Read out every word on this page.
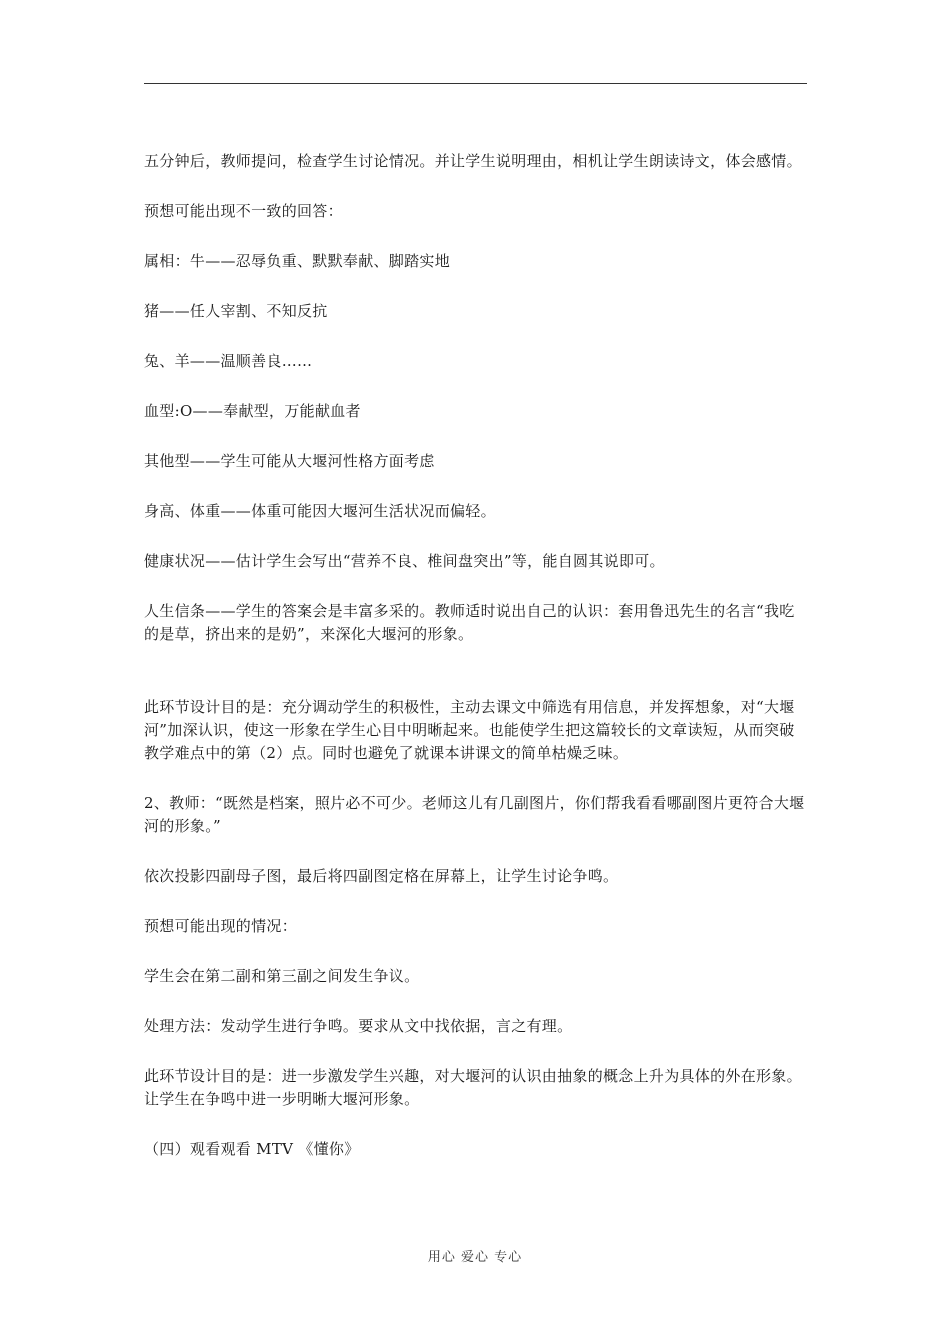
五分钟后，教师提问，检查学生讨论情况。并让学生说明理由，相机让学生朗读诗文，体会感情。

预想可能出现不一致的回答：

属相：牛——忍辱负重、默默奉献、脚踏实地

猪——任人宰割、不知反抗

兔、羊——温顺善良……

血型:O——奉献型，万能献血者

其他型——学生可能从大堰河性格方面考虑

身高、体重——体重可能因大堰河生活状况而偏轻。

健康状况——估计学生会写出“营养不良、椎间盘突出”等，能自圆其说即可。

人生信条——学生的答案会是丰富多采的。教师适时说出自己的认识：套用鲁迅先生的名言“我吃的是草，挤出来的是奶”，来深化大堰河的形象。

此环节设计目的是：充分调动学生的积极性，主动去课文中筛选有用信息，并发挥想象，对“大堰河”加深认识，使这一形象在学生心目中明晰起来。也能使学生把这篇较长的文章读短，从而突破教学难点中的第（2）点。同时也避免了就课本讲课文的简单枯燥乏味。

2、教师：“既然是档案，照片必不可少。老师这儿有几副图片，你们帮我看看哪副图片更符合大堰河的形象。”

依次投影四副母子图，最后将四副图定格在屏幕上，让学生讨论争鸣。

预想可能出现的情况：

学生会在第二副和第三副之间发生争议。

处理方法：发动学生进行争鸣。要求从文中找依据，言之有理。

此环节设计目的是：进一步激发学生兴趣，对大堰河的认识由抽象的概念上升为具体的外在形象。让学生在争鸣中进一步明晰大堰河形象。

（四）观看观看 MTV 《懂你》

用心 爱心 专心
